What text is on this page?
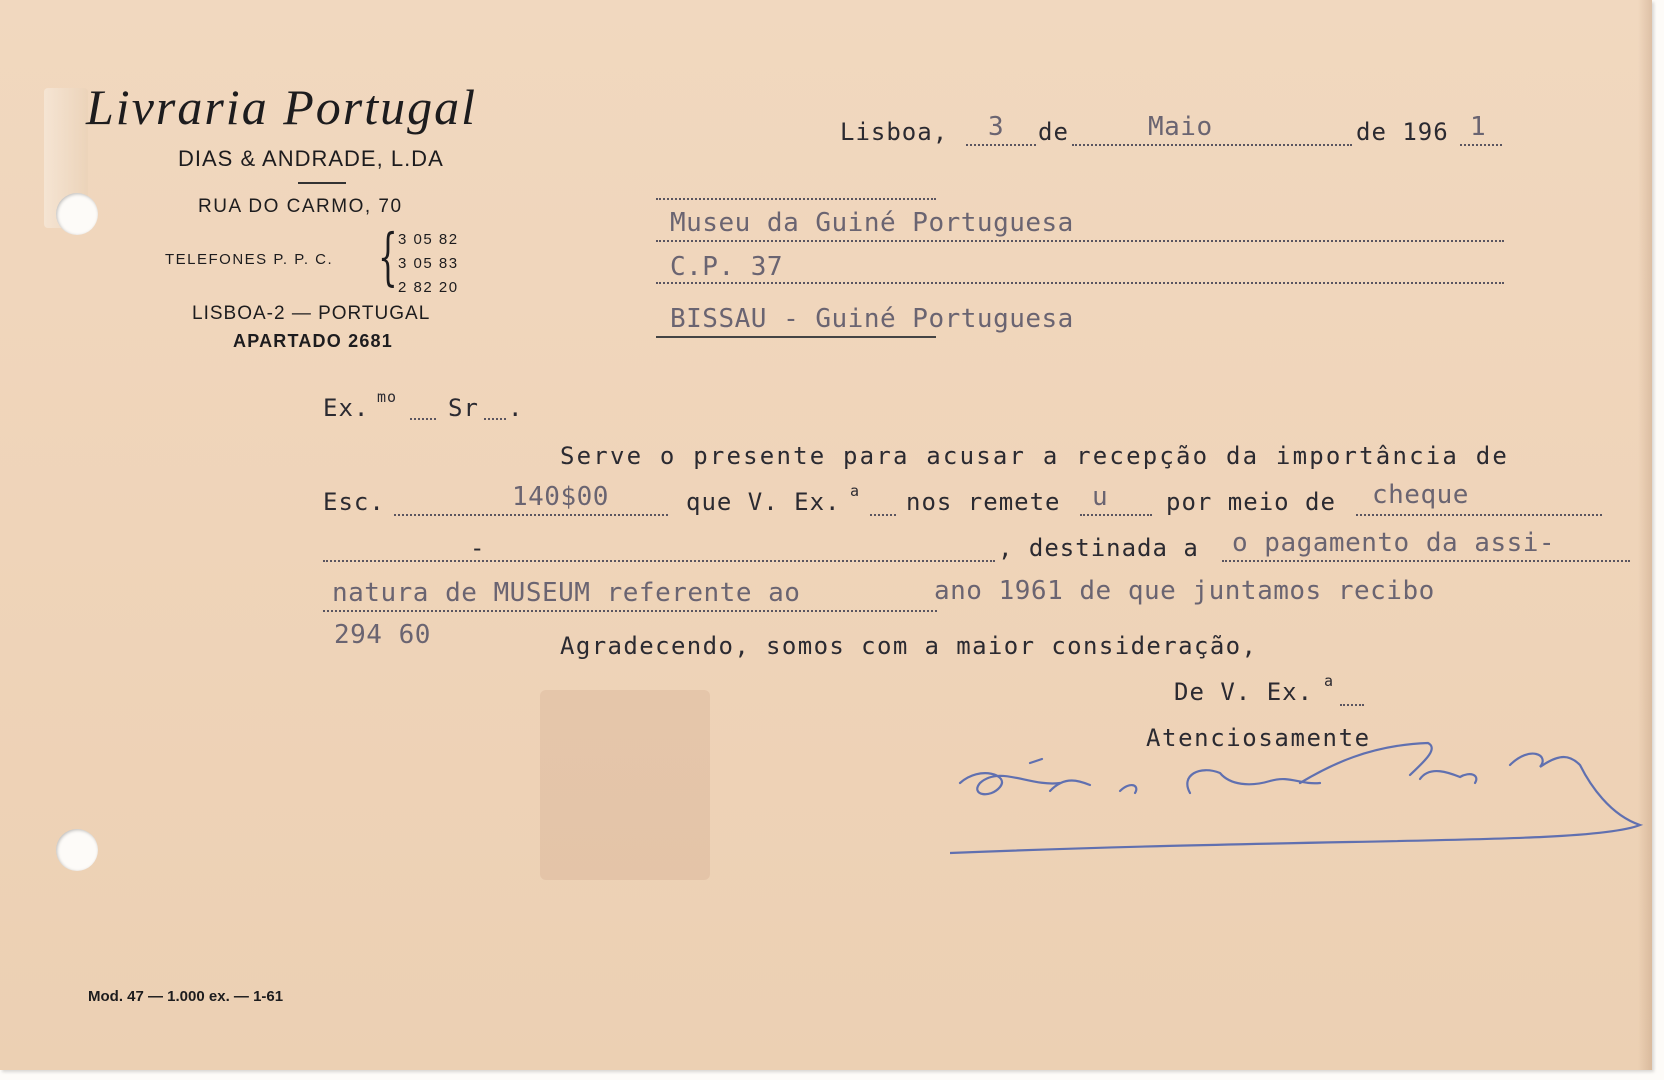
Livraria Portugal
DIAS & ANDRADE, L.DA
RUA DO CARMO, 70
TELEFONES P. P. C. { 3 05 82
3 05 83
2 82 20
LISBOA-2 — PORTUGAL
APARTADO 2681
Lisboa, 3 de	Maio	de 196 1
Museu da Guiné Portuguesa
C.P. 37
BISSAU - Guiné Portuguesa
Ex. mo Sr .
Serve o presente para acusar a recepção da importância de
Esc.	140$00	que V. Ex. a nos remete u por meio de cheque
-	, destinada a o pagamento da assi-
natura de MUSEUM referente ao	ano 1961 de que juntamos recibo
294 60	Agradecendo, somos com a maior consideração,
De V. Ex. a
Atenciosamente
Mod. 47 — 1.000 ex. — 1-61
